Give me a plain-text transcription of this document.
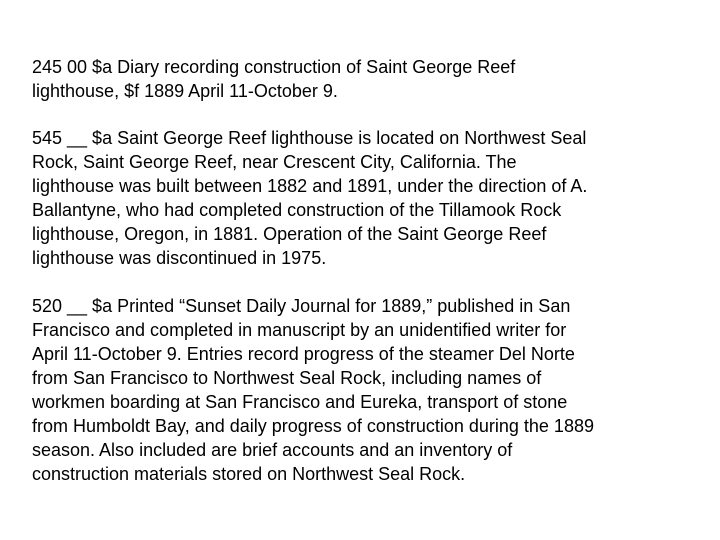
245 00 $a Diary recording construction of Saint George Reef
lighthouse, $f 1889 April 11-October 9.

545 __ $a Saint George Reef lighthouse is located on Northwest Seal
Rock, Saint George Reef, near Crescent City, California. The
lighthouse was built between 1882 and 1891, under the direction of A.
Ballantyne, who had completed construction of the Tillamook Rock
lighthouse, Oregon, in 1881. Operation of the Saint George Reef
lighthouse was discontinued in 1975.

520 __ $a Printed “Sunset Daily Journal for 1889,” published in San
Francisco and completed in manuscript by an unidentified writer for
April 11-October 9. Entries record progress of the steamer Del Norte
from San Francisco to Northwest Seal Rock, including names of
workmen boarding at San Francisco and Eureka, transport of stone
from Humboldt Bay, and daily progress of construction during the 1889
season. Also included are brief accounts and an inventory of
construction materials stored on Northwest Seal Rock.
